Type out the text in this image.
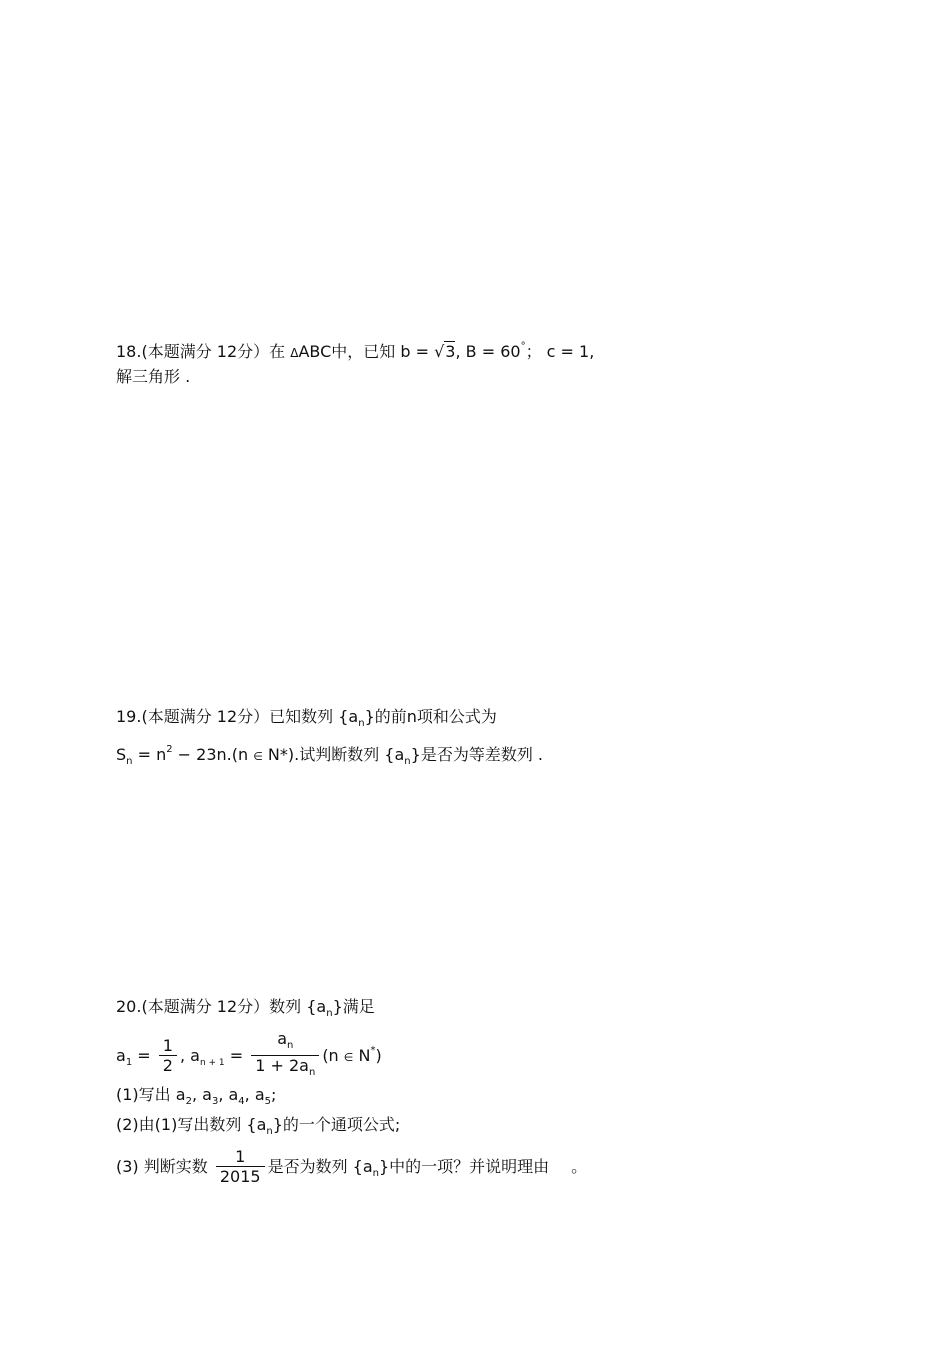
18.(本题满分 12分）在 ΔABC中，已知 b = √3, B = 60°； c = 1,
解三角形 .
19.(本题满分 12分）已知数列 $\{a_n\}$的前n项和公式为
$S_n = n^2 - 23n.(n$ ∈ N*).试判断数列 $\{a_n\}$是否为等差数列 .
20.(本题满分 12分）数列 $\{a_n\}$满足
$a_1 = \frac{1}{2}$ , $a_{n + 1} = \frac{a_n}{1 + 2a_n} (n$ ∈ N*)
(1)写出 $a_2$, $a_3$, $a_4$, $a_5$;
(2)由(1)写出数列 $\{a_n\}$的一个通项公式;
(3) 判断实数 $\frac{1}{2015}$ 是否为数列 $\{a_n\}$中的一项？并说明理由 。
